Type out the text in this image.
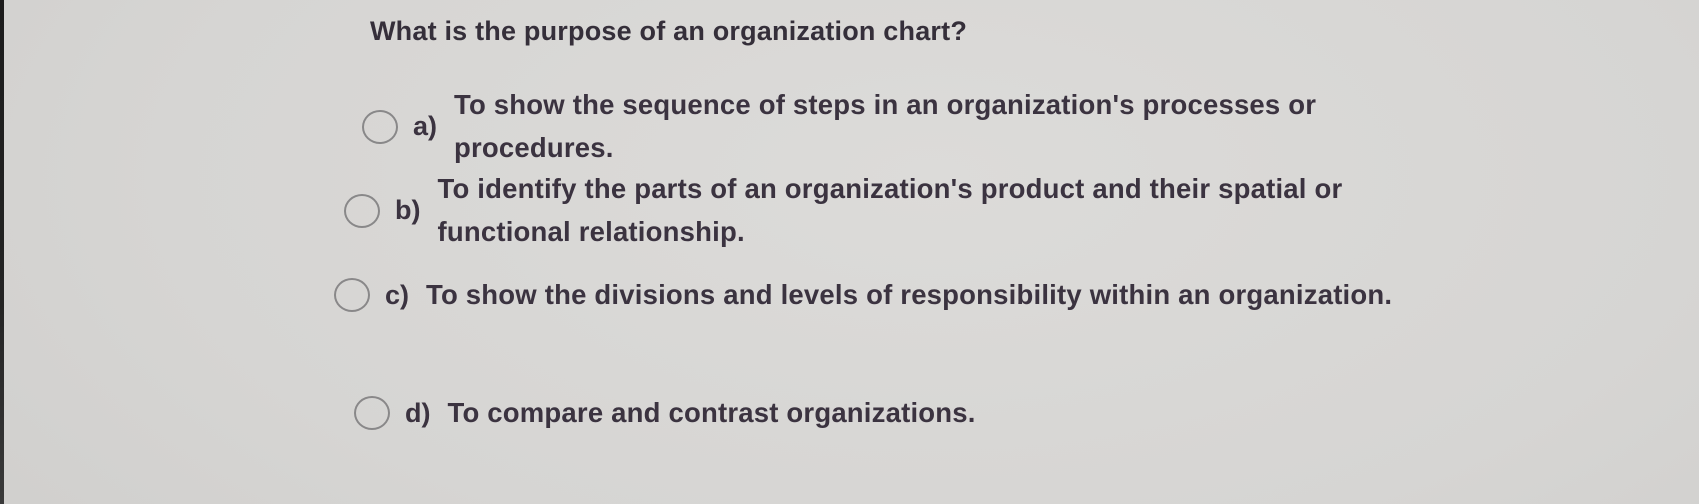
What is the purpose of an organization chart?
a)
To show the sequence of steps in an organization's processes or procedures.
b)
To identify the parts of an organization's product and their spatial or functional relationship.
c) To show the divisions and levels of responsibility within an organization.
d) To compare and contrast organizations.
